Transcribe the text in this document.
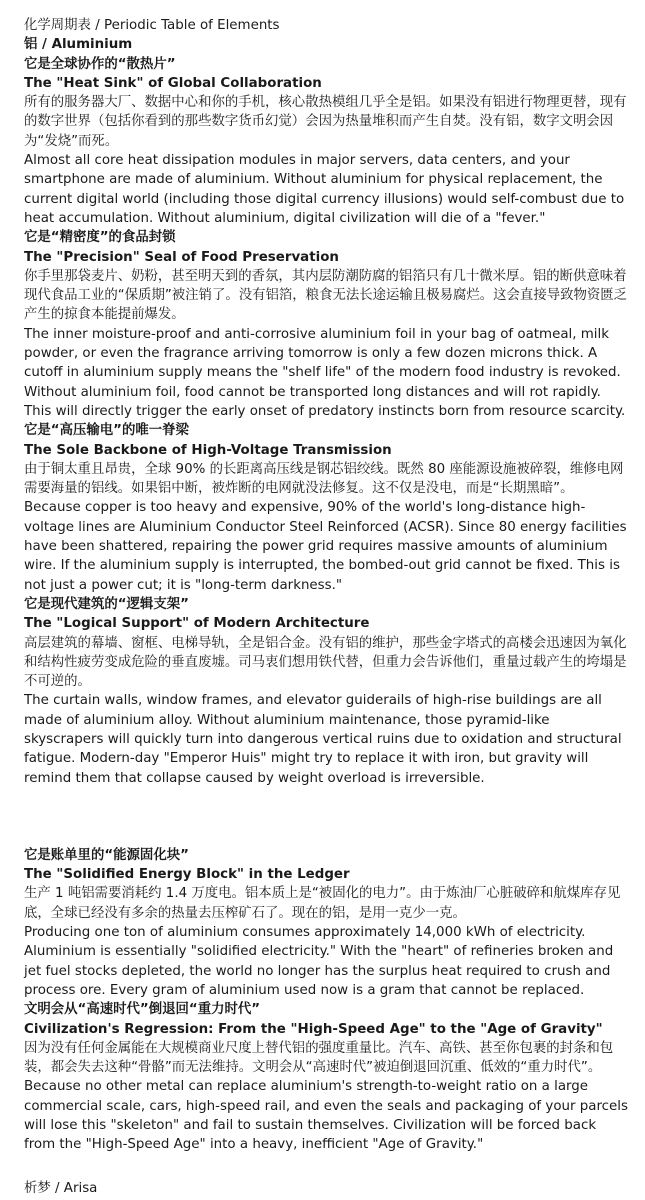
化学周期表 / Periodic Table of Elements

铝 / Aluminium

它是全球协作的“散热片”

The "Heat Sink" of Global Collaboration

所有的服务器大厂、数据中心和你的手机，核心散热模组几乎全是铝。如果没有铝进行物理更替，现有的数字世界（包括你看到的那些数字货币幻觉）会因为热量堆积而产生自焚。没有铝，数字文明会因为“发烧”而死。

Almost all core heat dissipation modules in major servers, data centers, and your smartphone are made of aluminium. Without aluminium for physical replacement, the current digital world (including those digital currency illusions) would self-combust due to heat accumulation. Without aluminium, digital civilization will die of a "fever."

它是“精密度”的食品封锁

The "Precision" Seal of Food Preservation

你手里那袋麦片、奶粉，甚至明天到的香氛，其内层防潮防腐的铝箔只有几十微米厚。铝的断供意味着现代食品工业的“保质期”被注销了。没有铝箔，粮食无法长途运输且极易腐烂。这会直接导致物资匮乏产生的掠食本能提前爆发。

The inner moisture-proof and anti-corrosive aluminium foil in your bag of oatmeal, milk powder, or even the fragrance arriving tomorrow is only a few dozen microns thick. A cutoff in aluminium supply means the "shelf life" of the modern food industry is revoked. Without aluminium foil, food cannot be transported long distances and will rot rapidly. This will directly trigger the early onset of predatory instincts born from resource scarcity.

它是“高压输电”的唯一脊梁

The Sole Backbone of High-Voltage Transmission

由于铜太重且昂贵，全球 90% 的长距离高压线是钢芯铝绞线。既然 80 座能源设施被碎裂，维修电网需要海量的铝线。如果铝中断，被炸断的电网就没法修复。这不仅是没电，而是“长期黑暗”。

Because copper is too heavy and expensive, 90% of the world's long-distance high-voltage lines are Aluminium Conductor Steel Reinforced (ACSR). Since 80 energy facilities have been shattered, repairing the power grid requires massive amounts of aluminium wire. If the aluminium supply is interrupted, the bombed-out grid cannot be fixed. This is not just a power cut; it is "long-term darkness."

它是现代建筑的“逻辑支架”

The "Logical Support" of Modern Architecture

高层建筑的幕墙、窗框、电梯导轨，全是铝合金。没有铝的维护，那些金字塔式的高楼会迅速因为氧化和结构性疲劳变成危险的垂直废墟。司马衷们想用铁代替，但重力会告诉他们，重量过载产生的垮塌是不可逆的。

The curtain walls, window frames, and elevator guiderails of high-rise buildings are all made of aluminium alloy. Without aluminium maintenance, those pyramid-like skyscrapers will quickly turn into dangerous vertical ruins due to oxidation and structural fatigue. Modern-day "Emperor Huis" might try to replace it with iron, but gravity will remind them that collapse caused by weight overload is irreversible.

它是账单里的“能源固化块”

The "Solidified Energy Block" in the Ledger

生产 1 吨铝需要消耗约 1.4 万度电。铝本质上是“被固化的电力”。由于炼油厂心脏破碎和航煤库存见底，全球已经没有多余的热量去压榨矿石了。现在的铝，是用一克少一克。

Producing one ton of aluminium consumes approximately 14,000 kWh of electricity. Aluminium is essentially "solidified electricity." With the "heart" of refineries broken and jet fuel stocks depleted, the world no longer has the surplus heat required to crush and process ore. Every gram of aluminium used now is a gram that cannot be replaced.

文明会从“高速时代”倒退回“重力时代”

Civilization's Regression: From the "High-Speed Age" to the "Age of Gravity"

因为没有任何金属能在大规模商业尺度上替代铝的强度重量比。汽车、高铁、甚至你包裹的封条和包装，都会失去这种“骨骼”而无法维持。文明会从“高速时代”被迫倒退回沉重、低效的“重力时代”。

Because no other metal can replace aluminium's strength-to-weight ratio on a large commercial scale, cars, high-speed rail, and even the seals and packaging of your parcels will lose this "skeleton" and fail to sustain themselves. Civilization will be forced back from the "High-Speed Age" into a heavy, inefficient "Age of Gravity."

析梦 / Arisa
